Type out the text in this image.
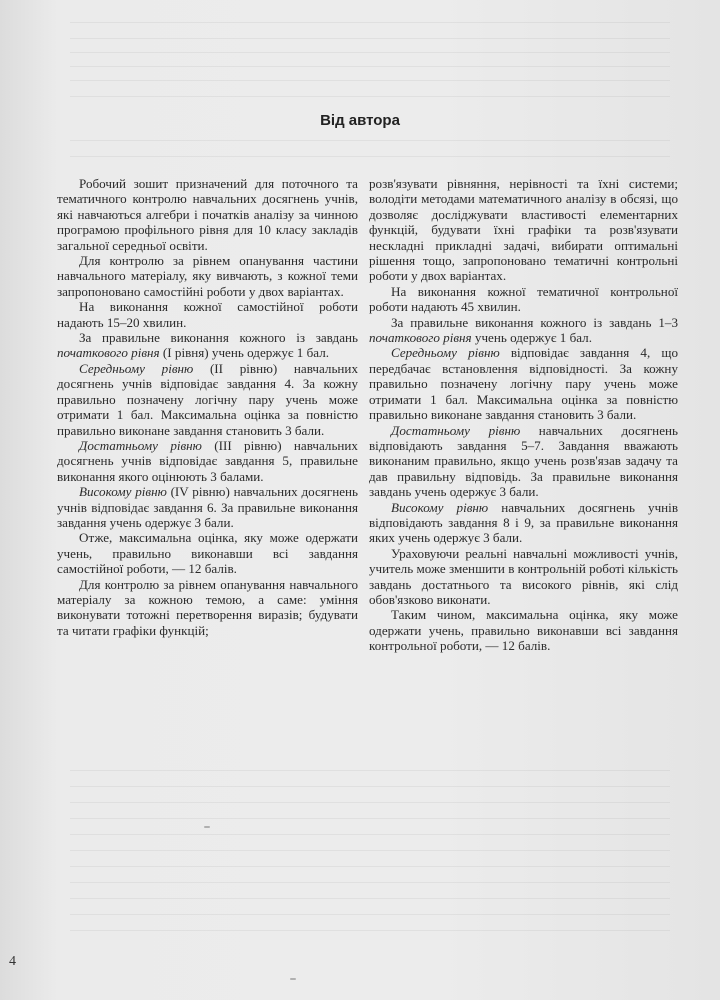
Від автора

Робочий зошит призначений для поточного та тематичного контролю навчальних досягнень учнів, які навчаються алгебри і початків аналізу за чинною програмою профільного рівня для 10 класу закладів загальної середньої освіти.

Для контролю за рівнем опанування частини навчального матеріалу, яку вивчають, з кожної теми запропоновано самостійні роботи у двох варіантах.

На виконання кожної самостійної роботи надають 15–20 хвилин.

За правильне виконання кожного із завдань початкового рівня (I рівня) учень одержує 1 бал.

Середньому рівню (II рівню) навчальних досягнень учнів відповідає завдання 4. За кожну правильно позначену логічну пару учень може отримати 1 бал. Максимальна оцінка за повністю правильно виконане завдання становить 3 бали.

Достатньому рівню (III рівню) навчальних досягнень учнів відповідає завдання 5, правильне виконання якого оцінюють 3 балами.

Високому рівню (IV рівню) навчальних досягнень учнів відповідає завдання 6. За правильне виконання завдання учень одержує 3 бали.

Отже, максимальна оцінка, яку може одержати учень, правильно виконавши всі завдання самостійної роботи, — 12 балів.

Для контролю за рівнем опанування навчального матеріалу за кожною темою, а саме: уміння виконувати тотожні перетворення виразів; будувати та читати графіки функцій;

розв'язувати рівняння, нерівності та їхні системи; володіти методами математичного аналізу в обсязі, що дозволяє досліджувати властивості елементарних функцій, будувати їхні графіки та розв'язувати нескладні прикладні задачі, вибирати оптимальні рішення тощо, запропоновано тематичні контрольні роботи у двох варіантах.

На виконання кожної тематичної контрольної роботи надають 45 хвилин.

За правильне виконання кожного із завдань 1–3 початкового рівня учень одержує 1 бал.

Середньому рівню відповідає завдання 4, що передбачає встановлення відповідності. За кожну правильно позначену логічну пару учень може отримати 1 бал. Максимальна оцінка за повністю правильно виконане завдання становить 3 бали.

Достатньому рівню навчальних досягнень відповідають завдання 5–7. Завдання вважають виконаним правильно, якщо учень розв'язав задачу та дав правильну відповідь. За правильне виконання завдань учень одержує 3 бали.

Високому рівню навчальних досягнень учнів відповідають завдання 8 і 9, за правильне виконання яких учень одержує 3 бали.

Ураховуючи реальні навчальні можливості учнів, учитель може зменшити в контрольній роботі кількість завдань достатнього та високого рівнів, які слід обов'язково виконати.

Таким чином, максимальна оцінка, яку може одержати учень, правильно виконавши всі завдання контрольної роботи, — 12 балів.

4
